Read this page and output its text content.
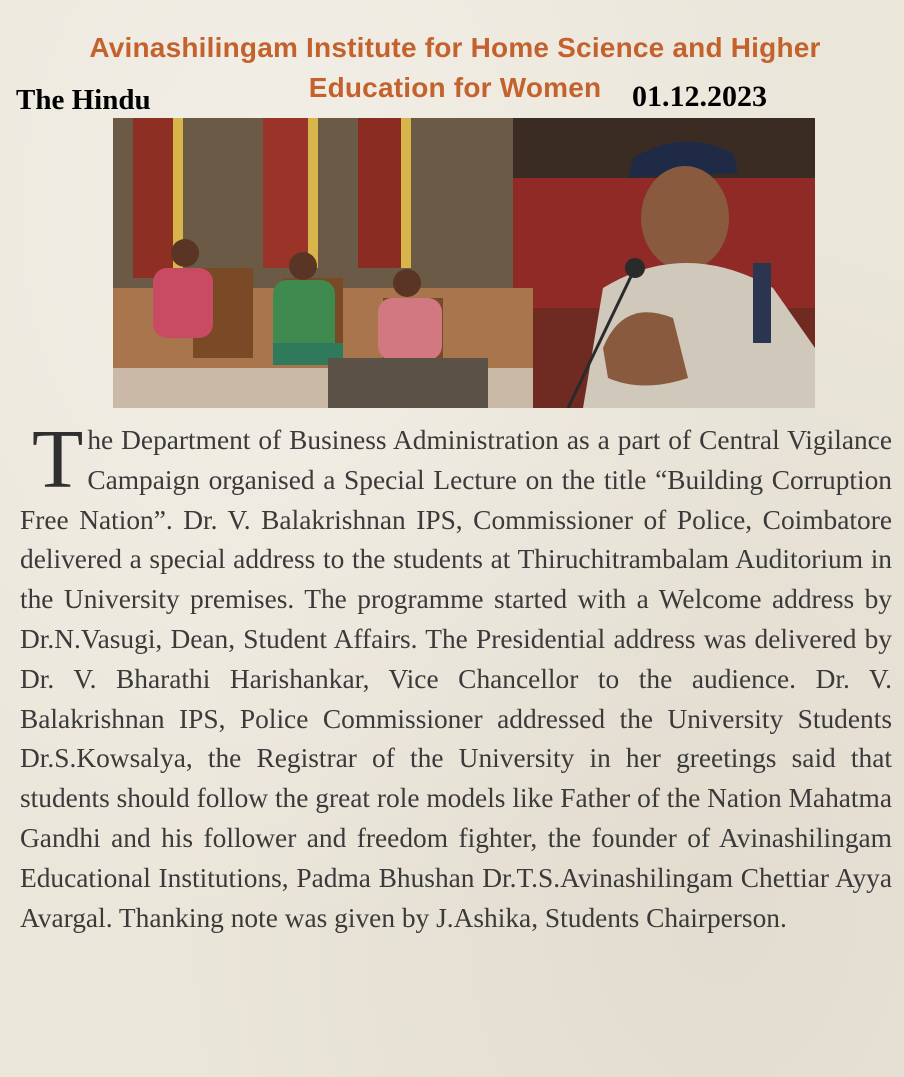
Avinashilingam Institute for Home Science and Higher
Education for Women
The Hindu	01.12.2023

The Department of Business Administration as a part of Central Vigilance Campaign organised a Special Lecture on the title “Building Corruption Free Nation”. Dr. V. Balakrishnan IPS, Commissioner of Police, Coimbatore delivered a special address to the students at Thiruchitrambalam Auditorium in the University premises. The programme started with a Welcome address by Dr.N.Vasugi, Dean, Student Affairs. The Presidential address was delivered by Dr. V. Bharathi Harishankar, Vice Chancellor to the audience. Dr. V. Balakrishnan IPS, Police Commissioner addressed the University Students Dr.S.Kowsalya, the Registrar of the University in her greetings said that students should follow the great role models like Father of the Nation Mahatma Gandhi and his follower and freedom fighter, the founder of Avinashilingam Educational Institutions, Padma Bhushan Dr.T.S.Avinashilingam Chettiar Ayya Avargal. Thanking note was given by J.Ashika, Students Chairperson.
